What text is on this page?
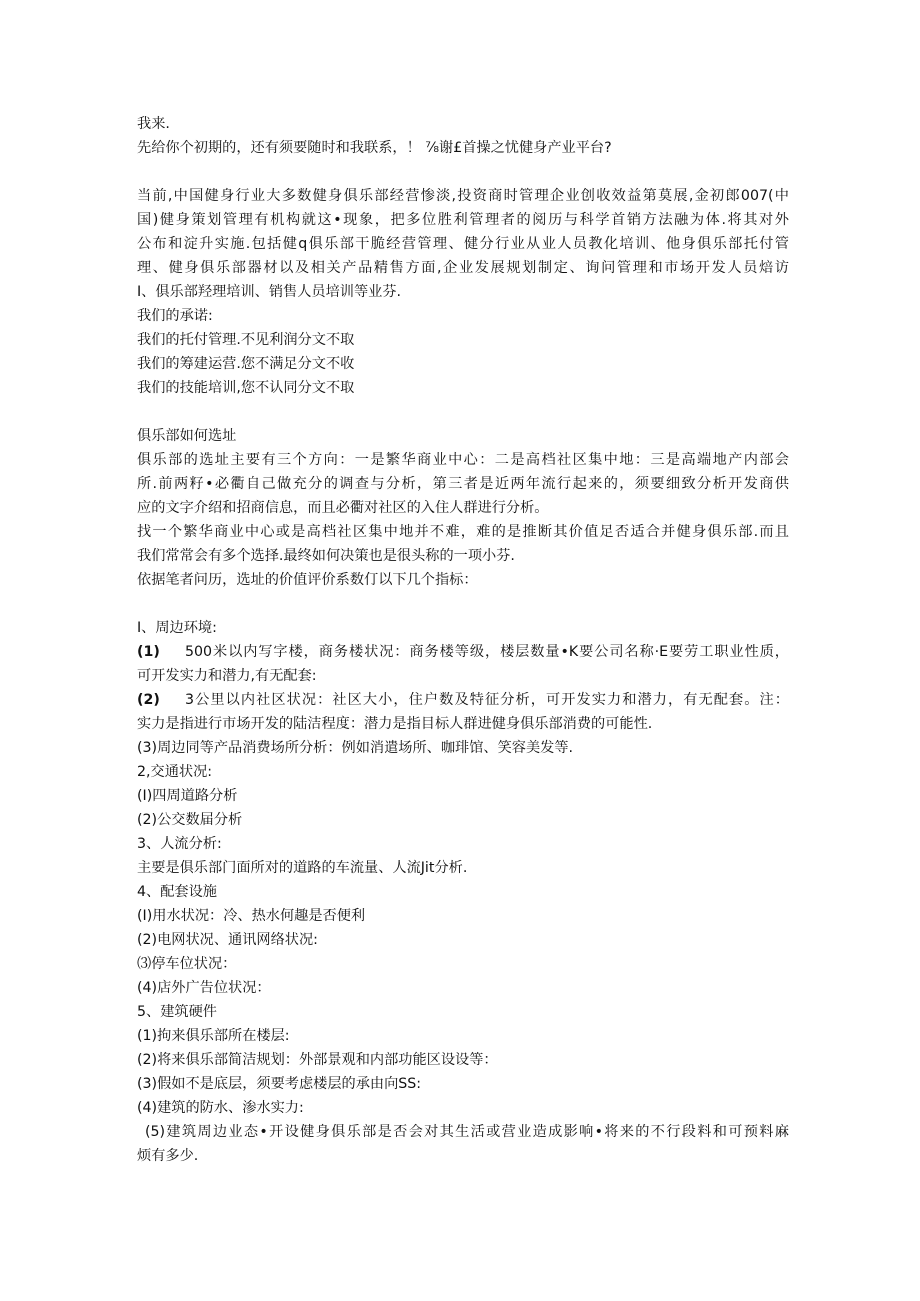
我来.
先给你个初期的，还有须要随时和我联系，！ ⅞谢£首操之忧健身产业平台?
当前,中国健身行业大多数健身俱乐部经营惨淡,投资商时管理企业创收效益第莫展,金初郎007(中
国)健身策划管理有机构就这•现象，把多位胜利管理者的阅历与科学首销方法融为体.将其对外
公布和淀升实施.包括健q俱乐部干脆经营管理、健分行业从业人员教化培训、他身俱乐部托付管
理、健身俱乐部器材以及相关产品精售方面,企业发展规划制定、询问管理和市场开发人员焙访
I、俱乐部羟理培训、销售人员培训等业芬.
我们的承诺:
我们的托付管理.不见利润分文不取
我们的筹建运营.您不满足分文不收
我们的技能培训,您不认同分文不取
俱乐部如何选址
俱乐部的选址主要有三个方向：一是繁华商业中心：二是高档社区集中地：三是高端地产内部会
所.前两籽•必衢自己做充分的调查与分析，第三者是近两年流行起来的，须要细致分析开发商供
应的文字介绍和招商信息，而且必衢对社区的入住人群进行分析。
找一个繁华商业中心或是高档社区集中地并不难，难的是推断其价值足否适合并健身俱乐部.而且
我们常常会有多个选择.最终如何决策也是很头称的一项小芬.
依据笔者问历，选址的价值评价系数仃以下几个指标：
I、周边环境:
(1) 500米以内写字楼，商务楼状况：商务楼等级，楼层数量•K要公司名称·E要劳工职业性质，
可开发实力和潜力,有无配套:
(2) 3公里以内社区状况：社区大小，住户数及特征分析，可开发实力和潜力，有无配套。注：
实力是指进行市场开发的陆洁程度：潜力是指目标人群进健身俱乐部消费的可能性.
(3)周边同等产品消费场所分析：例如消遣场所、咖琲馆、笑容美发等.
2,交通状况:
(I)四周道路分析
(2)公交数届分析
3、人流分析:
主要是俱乐部门面所对的道路的车流量、人流Jit分析.
4、配套设施
(I)用水状况：冷、热水何趣是否便利
(2)电网状况、通讯网络状况:
⑶停车位状况：
(4)店外广告位状况：
5、建筑硬件
(1)拘来俱乐部所在楼层:
(2)将来俱乐部简洁规划：外部景观和内部功能区设设等：
(3)假如不是底层，须要考虑楼层的承由向SS:
(4)建筑的防水、渗水实力:
(5)建筑周边业态•开设健身俱乐部是否会对其生活或营业造成影响•将来的不行段料和可预料麻
烦有多少.
